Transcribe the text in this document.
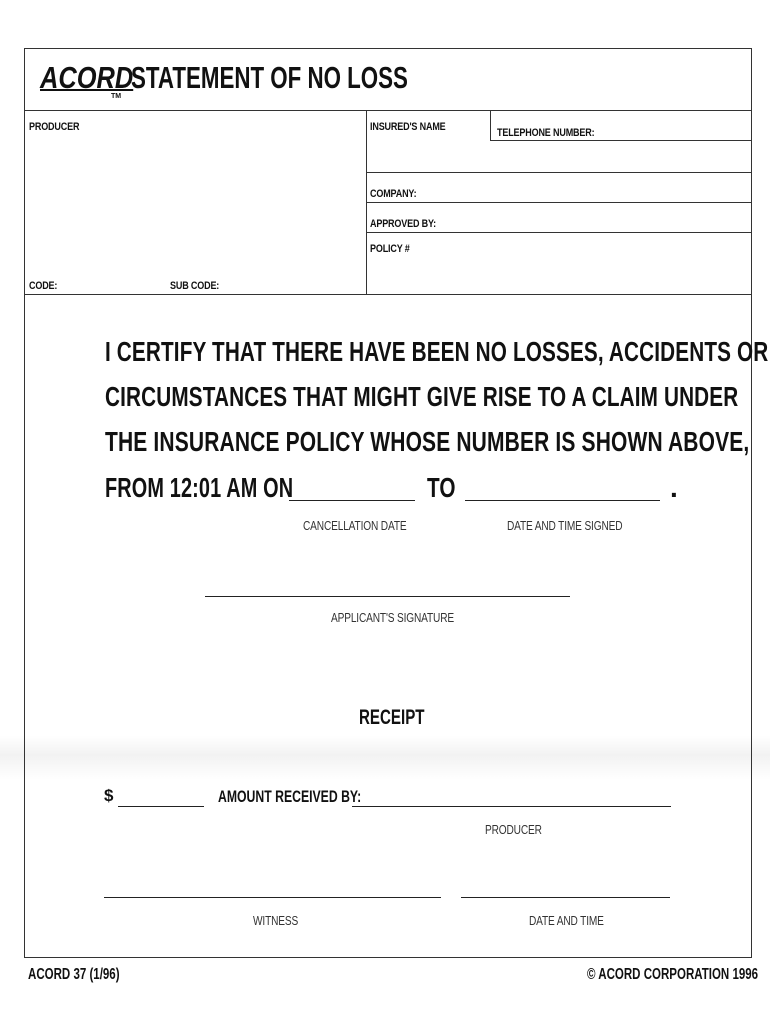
ACORD
TM
STATEMENT OF NO LOSS
PRODUCER	INSURED'S NAME	TELEPHONE NUMBER:
COMPANY:
APPROVED BY:
POLICY #
CODE:	SUB CODE:
I CERTIFY THAT THERE HAVE BEEN NO LOSSES, ACCIDENTS OR
CIRCUMSTANCES THAT MIGHT GIVE RISE TO A CLAIM UNDER
THE INSURANCE POLICY WHOSE NUMBER IS SHOWN ABOVE,
FROM 12:01 AM ON	TO	.
CANCELLATION DATE	DATE AND TIME SIGNED
APPLICANT'S SIGNATURE
RECEIPT
$	AMOUNT RECEIVED BY:
PRODUCER
WITNESS	DATE AND TIME
ACORD 37 (1/96)	© ACORD CORPORATION 1996
